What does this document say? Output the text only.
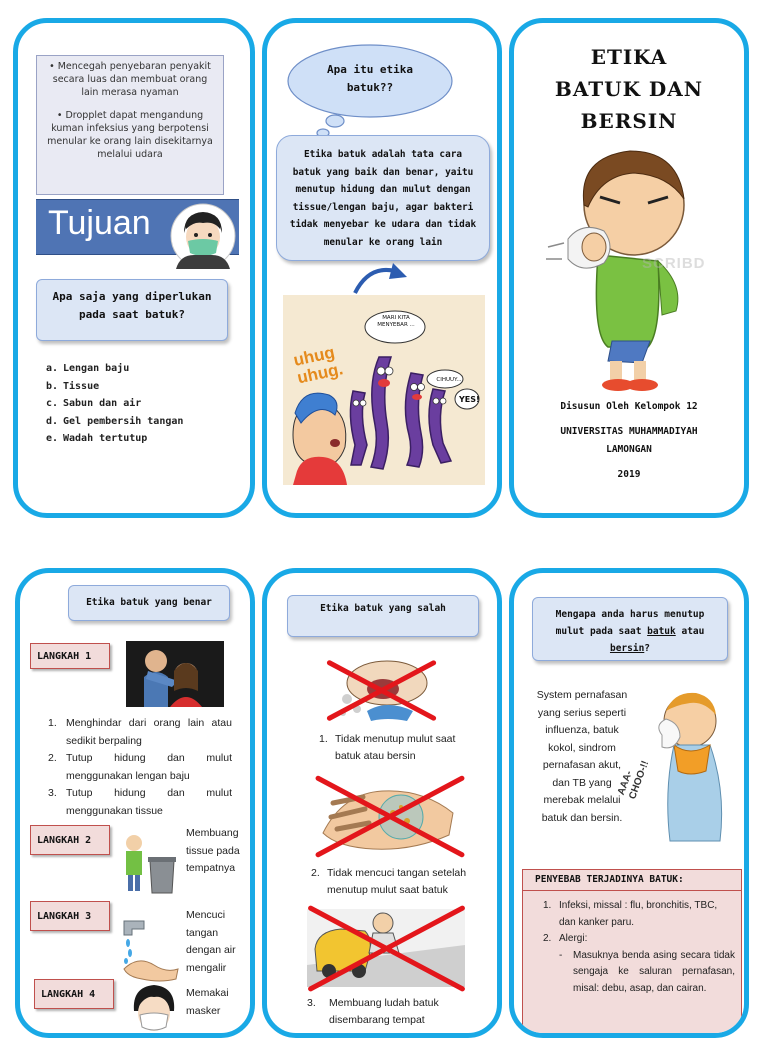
• Mencegah penyebaran penyakit secara luas dan membuat orang lain merasa nyaman

• Dropplet dapat mengandung kuman infeksius yang berpotensi menular ke orang lain disekitarnya melalui udara

Tujuan
Apa saja yang diperlukan pada saat batuk?
a. Lengan baju
b. Tissue
c. Sabun dan air
d. Gel pembersih tangan
e. Wadah tertutup
Apa itu etika batuk??
Etika batuk adalah tata cara batuk yang baik dan benar, yaitu menutup hidung dan mulut dengan tissue/lengan baju, agar bakteri tidak menyebar ke udara dan tidak menular ke orang lain
uhug uhug.
MARI KITA MENYEBAR ...
CIHUUY...
YES!
ETIKA
BATUK DAN
BERSIN
SCRIBD
Disusun Oleh Kelompok 12
UNIVERSITAS MUHAMMADIYAH
LAMONGAN
2019
Etika batuk yang benar
LANGKAH 1
1. Menghindar dari orang lain atau sedikit berpaling
2. Tutup hidung dan mulut menggunakan lengan baju
3. Tutup hidung dan mulut menggunakan tissue
LANGKAH 2
Membuang tissue pada tempatnya
LANGKAH 3	Mencuci tangan dengan air mengalir
LANGKAH 4	Memakai masker
Etika batuk yang salah
1. Tidak menutup mulut saat batuk atau bersin
2. Tidak mencuci tangan setelah menutup mulut saat batuk
3. Membuang ludah batuk disembarang tempat
Mengapa anda harus menutup mulut pada saat batuk atau bersin?
System pernafasan yang serius seperti influenza, batuk kokol, sindrom pernafasan akut, dan TB yang merebak melalui batuk dan bersin.
AAA-CHOO-!!
PENYEBAB TERJADINYA BATUK:
1. Infeksi, missal : flu, bronchitis, TBC, dan kanker paru.
2. Alergi:
- Masuknya benda asing secara tidak sengaja ke saluran pernafasan, misal: debu, asap, dan cairan.
